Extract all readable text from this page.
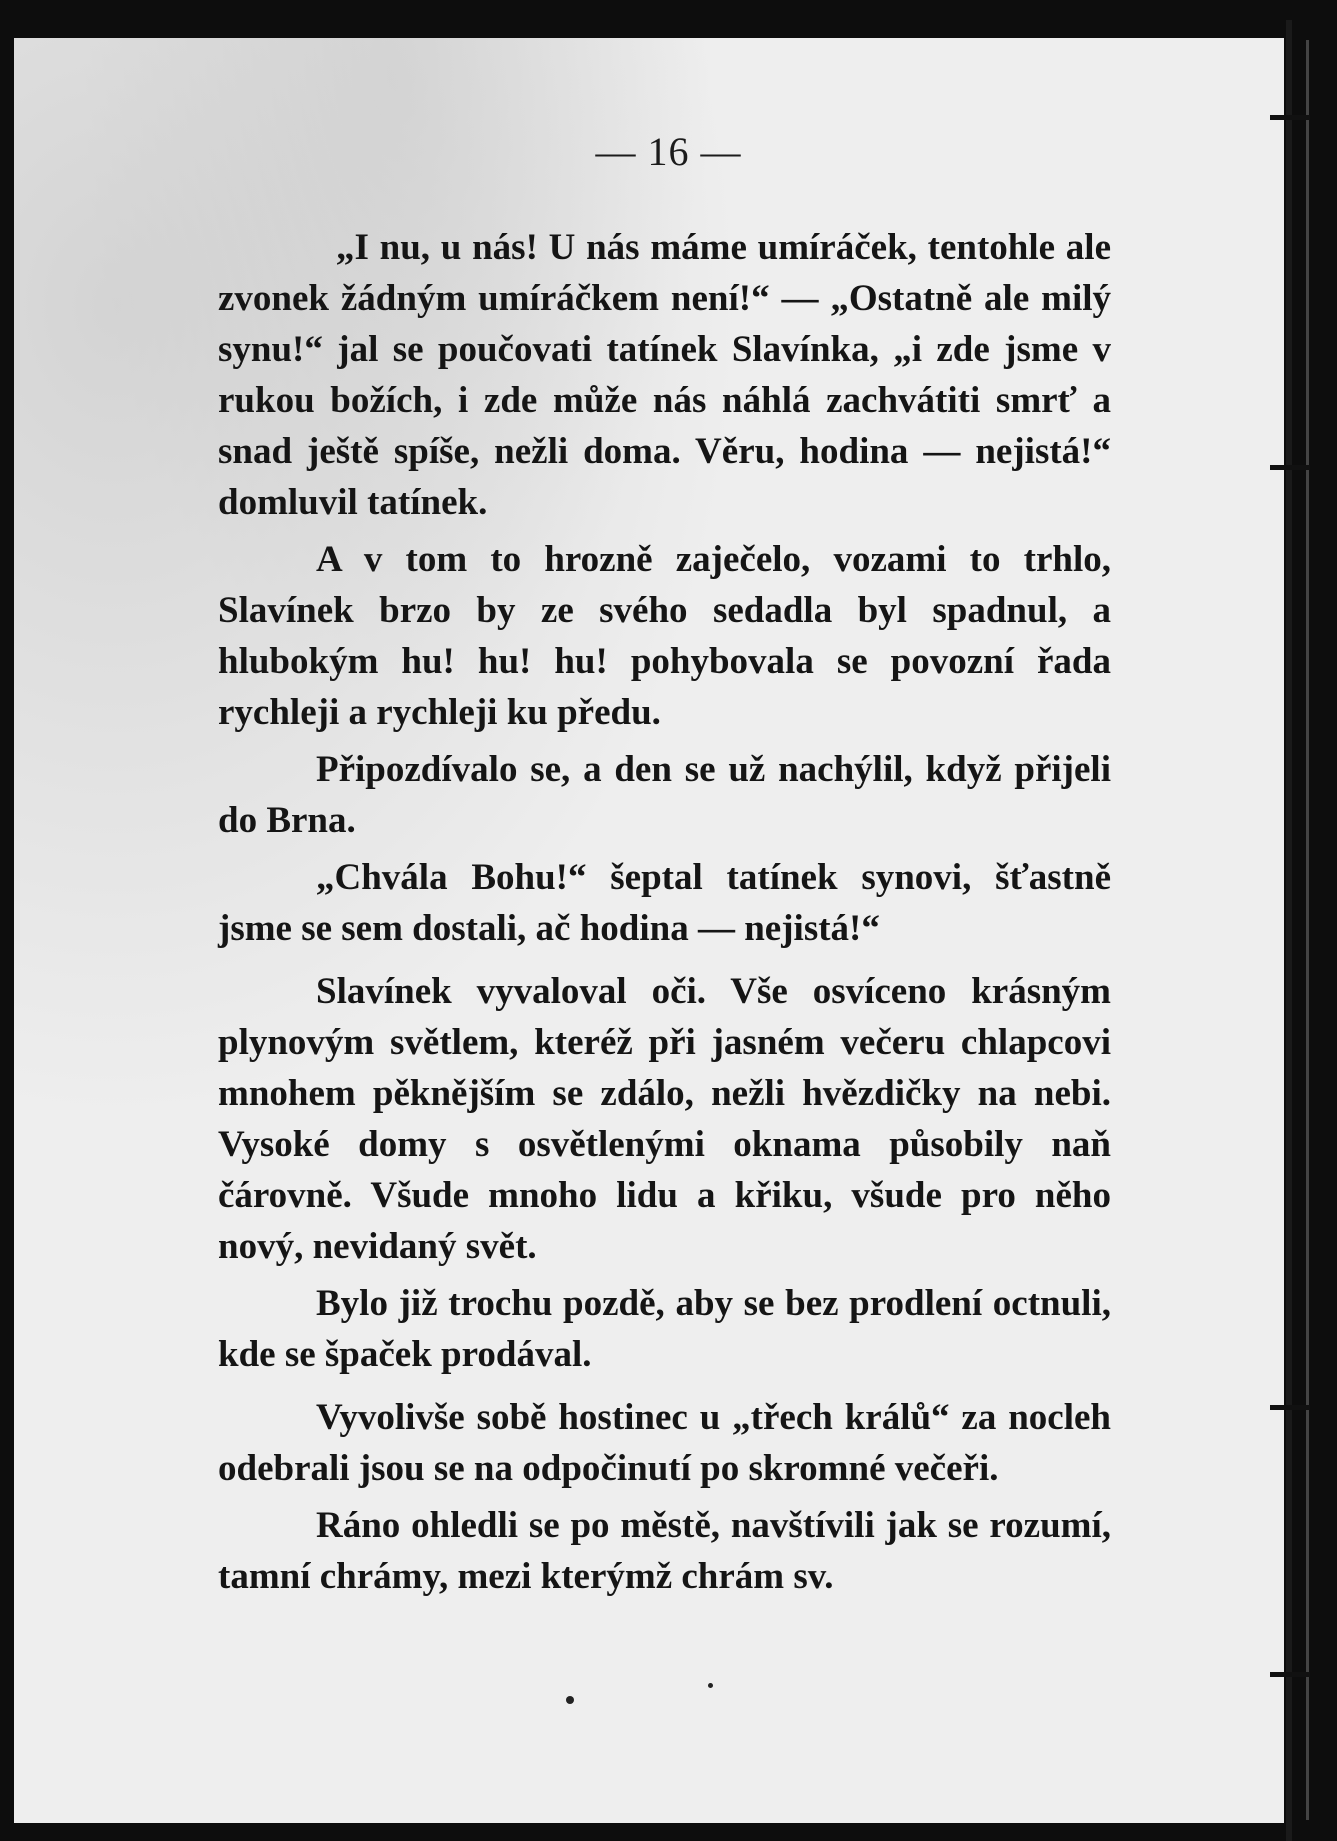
— 16 —

„I nu, u nás! U nás máme umíráček, tentohle ale zvonek žádným umíráčkem není!“ — „Ostatně ale milý synu!“ jal se poučovati tatínek Slavínka, „i zde jsme v rukou božích, i zde může nás náhlá zachvátiti smrť a snad ještě spíše, nežli doma. Věru, hodina — nejistá!“ domluvil tatínek.

A v tom to hrozně zaječelo, vozami to trhlo, Slavínek brzo by ze svého sedadla byl spadnul, a hlubokým hu! hu! hu! pohybovala se povozní řada rychleji a rychleji ku předu.

Připozdívalo se, a den se už nachýlil, když přijeli do Brna.

„Chvála Bohu!“ šeptal tatínek synovi, šťastně jsme se sem dostali, ač hodina — nejistá!“

Slavínek vyvaloval oči. Vše osvíceno krásným plynovým světlem, kteréž při jasném večeru chlapcovi mnohem pěknějším se zdálo, nežli hvězdičky na nebi. Vysoké domy s osvětlenými oknama působily naň čárovně. Všude mnoho lidu a křiku, všude pro něho nový, nevidaný svět.

Bylo již trochu pozdě, aby se bez prodlení octnuli, kde se špaček prodával.

Vyvolivše sobě hostinec u „třech králů“ za nocleh odebrali jsou se na odpočinutí po skromné večeři.

Ráno ohledli se po městě, navštívili jak se rozumí, tamní chrámy, mezi kterýmž chrám sv.
